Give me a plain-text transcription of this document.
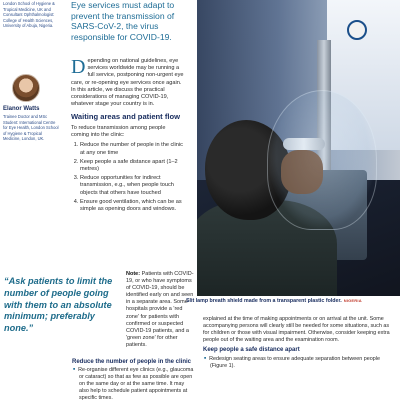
London School of Hygiene & Tropical Medicine, UK and Consultant Ophthalmologist: College of Health Sciences, University of Abuja, Nigeria.
Elanor Watts
Trainee Doctor and MSc Student: International Centre for Eye Health, London School of Hygiene & Tropical Medicine, London, UK.
“Ask patients to limit the number of people going with them to an absolute minimum; preferably none.”
Eye services must adapt to prevent the transmission of SARS-CoV-2, the virus responsible for COVID-19.

Depending on national guidelines, eye services worldwide may be running a full service, postponing non-urgent eye care, or re-opening eye services once again. In this article, we discuss the practical considerations of managing COVID-19, whatever stage your country is in.

Waiting areas and patient flow

To reduce transmission among people coming into the clinic:

1. Reduce the number of people in the clinic at any one time
2. Keep people a safe distance apart (1–2 metres)
3. Reduce opportunities for indirect transmission, e.g., when people touch objects that others have touched
4. Ensure good ventilation, which can be as simple as opening doors and windows.
Note: Patients with COVID-19, or who have symptoms of COVID-19, should be identified early on and seen in a separate area. Some hospitals provide a 'red zone' for patients with confirmed or suspected COVID-19 patients, and a 'green zone' for other patients.
Slit lamp breath shield made from a transparent plastic folder. NIGERIA
Reduce the number of people in the clinic
■ Re-organise different eye clinics (e.g., glaucoma or cataract) so that as few as possible are open on the same day or at the same time. It may also help to schedule patient appointments at specific times.

explained at the time of making appointments or on arrival at the unit. Some accompanying persons will clearly still be needed for some situations, such as for children or those with visual impairment. Otherwise, consider keeping extra people out of the waiting area and the examination room.

Keep people a safe distance apart
■ Redesign seating areas to ensure adequate separation between people (Figure 1).
